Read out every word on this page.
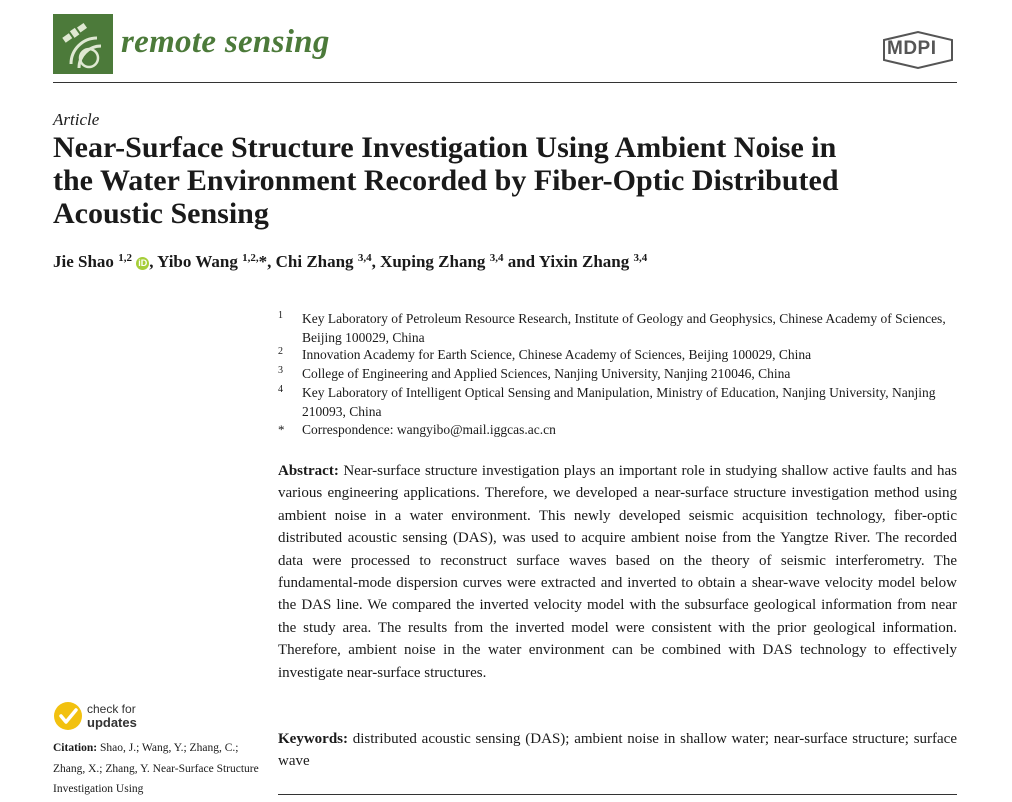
remote sensing	MDPI
Article
Near-Surface Structure Investigation Using Ambient Noise in
the Water Environment Recorded by Fiber-Optic Distributed
Acoustic Sensing
Jie Shao $^{1,2}$ iD , Yibo Wang $^{1,2,}$*, Chi Zhang $^{3,4}$, Xuping Zhang $^{3,4}$ and Yixin Zhang $^{3,4}$
1 Key Laboratory of Petroleum Resource Research, Institute of Geology and Geophysics, Chinese Academy of Sciences, Beijing 100029, China
2 Innovation Academy for Earth Science, Chinese Academy of Sciences, Beijing 100029, China
3 College of Engineering and Applied Sciences, Nanjing University, Nanjing 210046, China
4 Key Laboratory of Intelligent Optical Sensing and Manipulation, Ministry of Education, Nanjing University, Nanjing 210093, China
* Correspondence: wangyibo@mail.iggcas.ac.cn
Abstract: Near-surface structure investigation plays an important role in studying shallow active faults and has various engineering applications. Therefore, we developed a near-surface structure investigation method using ambient noise in a water environment. This newly developed seismic acquisition technology, fiber-optic distributed acoustic sensing (DAS), was used to acquire ambient noise from the Yangtze River. The recorded data were processed to reconstruct surface waves based on the theory of seismic interferometry. The fundamental-mode dispersion curves were extracted and inverted to obtain a shear-wave velocity model below the DAS line. We compared the inverted velocity model with the subsurface geological information from near the study area. The results from the inverted model were consistent with the prior geological information. Therefore, ambient noise in the water environment can be combined with DAS technology to effectively investigate near-surface structures.
Keywords: distributed acoustic sensing (DAS); ambient noise in shallow water; near-surface structure; surface wave
check for
updates
Citation: Shao, J.; Wang, Y.; Zhang, C.; Zhang, X.; Zhang, Y. Near-Surface Structure Investigation Using
